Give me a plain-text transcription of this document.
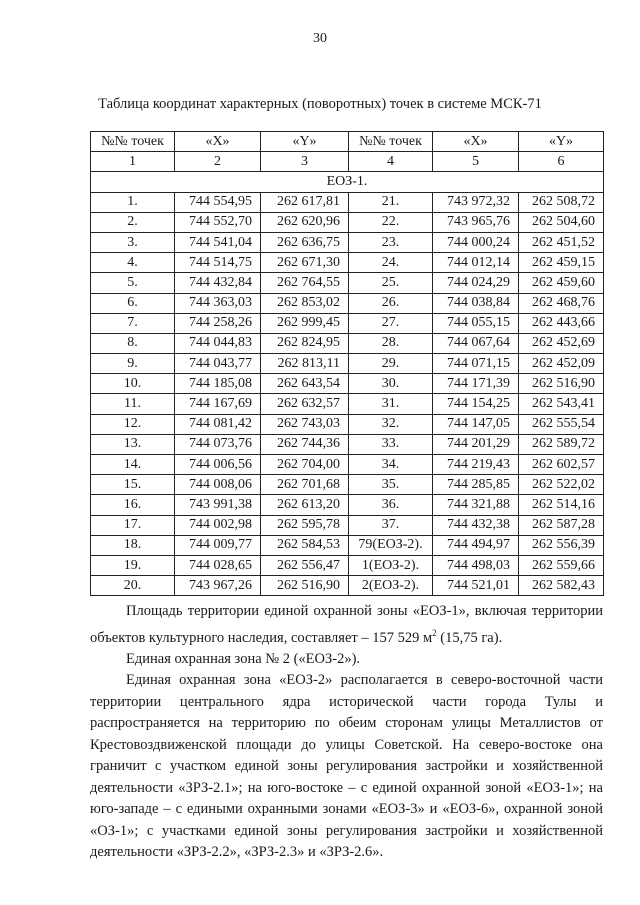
30
Таблица координат характерных (поворотных) точек в системе МСК-71
№№ точек	«X»	«Y»	№№ точек	«X»	«Y»
1	2	3	4	5	6
ЕОЗ-1.					
1.	744 554,95	262 617,81	21.	743 972,32	262 508,72
2.	744 552,70	262 620,96	22.	743 965,76	262 504,60
3.	744 541,04	262 636,75	23.	744 000,24	262 451,52
4.	744 514,75	262 671,30	24.	744 012,14	262 459,15
5.	744 432,84	262 764,55	25.	744 024,29	262 459,60
6.	744 363,03	262 853,02	26.	744 038,84	262 468,76
7.	744 258,26	262 999,45	27.	744 055,15	262 443,66
8.	744 044,83	262 824,95	28.	744 067,64	262 452,69
9.	744 043,77	262 813,11	29.	744 071,15	262 452,09
10.	744 185,08	262 643,54	30.	744 171,39	262 516,90
11.	744 167,69	262 632,57	31.	744 154,25	262 543,41
12.	744 081,42	262 743,03	32.	744 147,05	262 555,54
13.	744 073,76	262 744,36	33.	744 201,29	262 589,72
14.	744 006,56	262 704,00	34.	744 219,43	262 602,57
15.	744 008,06	262 701,68	35.	744 285,85	262 522,02
16.	743 991,38	262 613,20	36.	744 321,88	262 514,16
17.	744 002,98	262 595,78	37.	744 432,38	262 587,28
18.	744 009,77	262 584,53	79(ЕОЗ-2).	744 494,97	262 556,39
19.	744 028,65	262 556,47	1(ЕОЗ-2).	744 498,03	262 559,66
20.	743 967,26	262 516,90	2(ЕОЗ-2).	744 521,01	262 582,43

Площадь территории единой охранной зоны «ЕОЗ-1», включая территории объектов культурного наследия, составляет – 157 529 $м^2$ (15,75 га).

Единая охранная зона № 2 («ЕОЗ-2»).

Единая охранная зона «ЕОЗ-2» располагается в северо-восточной части территории центрального ядра исторической части города Тулы и распространяется на территорию по обеим сторонам улицы Металлистов от Крестовоздвиженской площади до улицы Советской. На северо-востоке она граничит с участком единой зоны регулирования застройки и хозяйственной деятельности «ЗРЗ-2.1»; на юго-востоке – с единой охранной зоной «ЕОЗ-1»; на юго-западе – с едиными охранными зонами «ЕОЗ-3» и «ЕОЗ-6», охранной зоной «ОЗ-1»; с участками единой зоны регулирования застройки и хозяйственной деятельности «ЗРЗ-2.2», «ЗРЗ-2.3» и «ЗРЗ-2.6».
